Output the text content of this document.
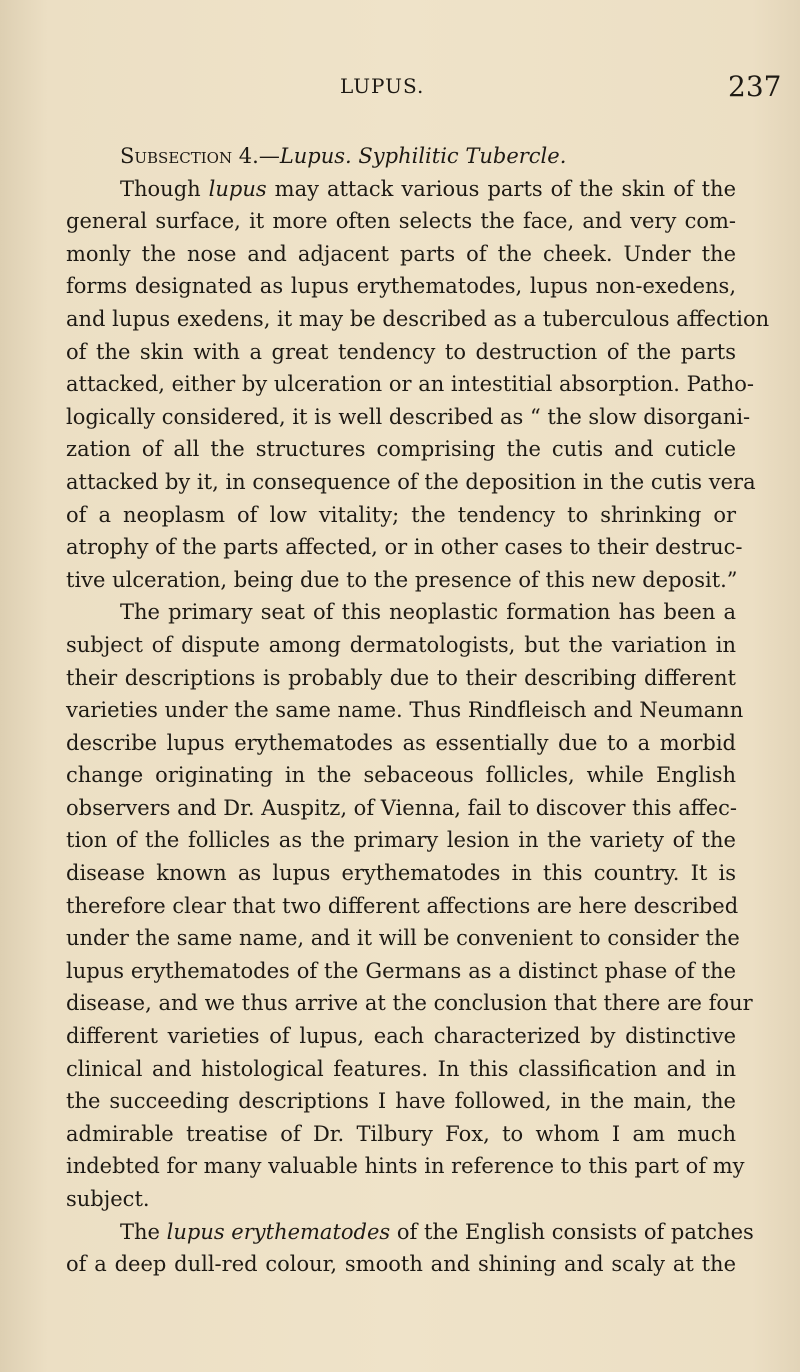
LUPUS.	237
Subsection 4.—Lupus. Syphilitic Tubercle.
Though lupus may attack various parts of the skin of the
general surface, it more often selects the face, and very com-
monly the nose and adjacent parts of the cheek. Under the
forms designated as lupus erythematodes, lupus non-exedens,
and lupus exedens, it may be described as a tuberculous affection
of the skin with a great tendency to destruction of the parts
attacked, either by ulceration or an intestitial absorption. Patho-
logically considered, it is well described as “ the slow disorgani-
zation of all the structures comprising the cutis and cuticle
attacked by it, in consequence of the deposition in the cutis vera
of a neoplasm of low vitality; the tendency to shrinking or
atrophy of the parts affected, or in other cases to their destruc-
tive ulceration, being due to the presence of this new deposit.”
The primary seat of this neoplastic formation has been a
subject of dispute among dermatologists, but the variation in
their descriptions is probably due to their describing different
varieties under the same name. Thus Rindfleisch and Neumann
describe lupus erythematodes as essentially due to a morbid
change originating in the sebaceous follicles, while English
observers and Dr. Auspitz, of Vienna, fail to discover this affec-
tion of the follicles as the primary lesion in the variety of the
disease known as lupus erythematodes in this country. It is
therefore clear that two different affections are here described
under the same name, and it will be convenient to consider the
lupus erythematodes of the Germans as a distinct phase of the
disease, and we thus arrive at the conclusion that there are four
different varieties of lupus, each characterized by distinctive
clinical and histological features. In this classification and in
the succeeding descriptions I have followed, in the main, the
admirable treatise of Dr. Tilbury Fox, to whom I am much
indebted for many valuable hints in reference to this part of my
subject.
The lupus erythematodes of the English consists of patches
of a deep dull-red colour, smooth and shining and scaly at the
